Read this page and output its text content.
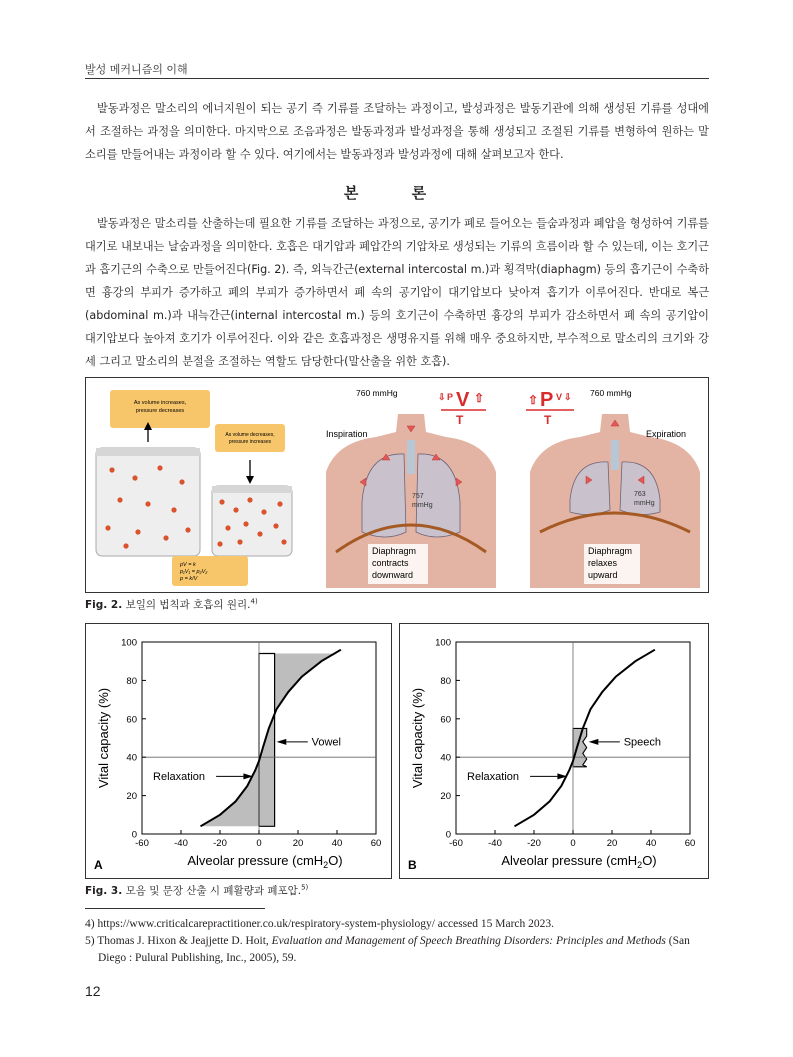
발성 메커니즘의 이해

발동과정은 말소리의 에너지원이 되는 공기 즉 기류를 조달하는 과정이고, 발성과정은 발동기관에 의해 생성된 기류를 성대에서 조절하는 과정을 의미한다. 마지막으로 조음과정은 발동과정과 발성과정을 통해 생성되고 조절된 기류를 변형하여 원하는 말소리를 만들어내는 과정이라 할 수 있다. 여기에서는 발동과정과 발성과정에 대해 살펴보고자 한다.

본 론

발동과정은 말소리를 산출하는데 필요한 기류를 조달하는 과정으로, 공기가 폐로 들어오는 들숨과정과 폐압을 형성하여 기류를 대기로 내보내는 날숨과정을 의미한다. 호흡은 대기압과 폐압간의 기압차로 생성되는 기류의 흐름이라 할 수 있는데, 이는 호기근과 흡기근의 수축으로 만들어진다(Fig. 2). 즉, 외늑간근(external intercostal m.)과 횡격막(diaphagm) 등의 흡기근이 수축하면 흉강의 부피가 증가하고 폐의 부피가 증가하면서 폐 속의 공기압이 대기압보다 낮아져 흡기가 이루어진다. 반대로 복근(abdominal m.)과 내늑간근(internal intercostal m.) 등의 호기근이 수축하면 흉강의 부피가 감소하면서 폐 속의 공기압이 대기압보다 높아져 호기가 이루어진다. 이와 같은 호흡과정은 생명유지를 위해 매우 중요하지만, 부수적으로 말소리의 크기와 강세 그리고 말소리의 분절을 조절하는 역할도 담당한다(말산출을 위한 호흡).

As volume increases,
pressure decreases
As volume decreases,
pressure increases
pV = k
p₁V₁ = p₂V₂
p = k/V
760 mmHg	760 mmHg
Inspiration	Expiration
⇩ P V ⇧
T
⇧ P V ⇩
T
757
mmHg
763
mmHg
Diaphragm
contracts
downward
Diaphragm
relaxes
upward
Fig. 2. 보일의 법칙과 호흡의 원리.$^{4)}$
-60	-40	-20	0	20	40	60
0
20
40
60
80
100
Relaxation
Vowel
Vital capacity (%)
Alveolar pressure (cmH$_2$O)
A
-60	-40	-20	0	20	40	60
0
20
40
60
80
100
Relaxation
Speech
Vital capacity (%)
Alveolar pressure (cmH$_2$O)
B
Fig. 3. 모음 및 문장 산출 시 폐활량과 폐포압.$^{5)}$

4) https://www.criticalcarepractitioner.co.uk/respiratory-system-physiology/ accessed 15 March 2023.

5) Thomas J. Hixon & Jeajjette D. Hoit, Evaluation and Management of Speech Breathing Disorders: Principles and Methods (San
Diego : Pulural Publishing, Inc., 2005), 59.

12
